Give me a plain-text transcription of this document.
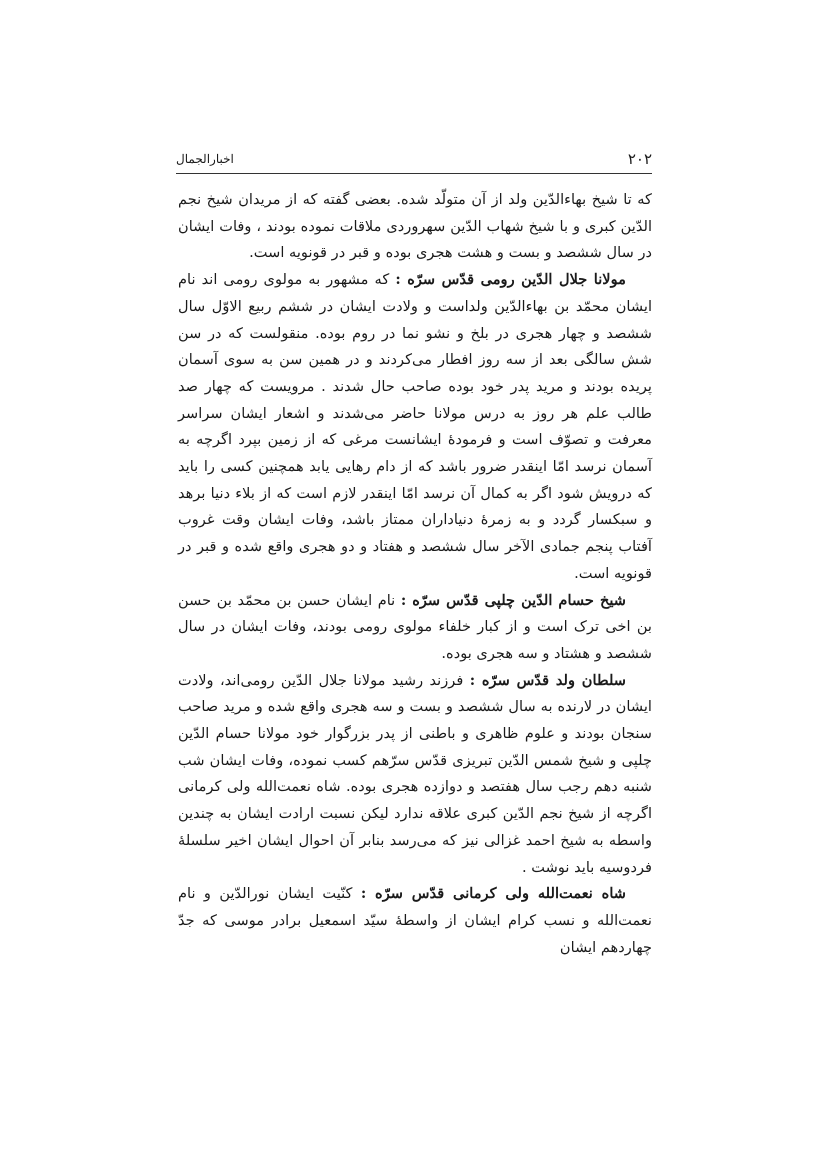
۲۰۲
اخبارالجمال

که تا شیخ بهاءالدّین ولد از آن متولّد شده. بعضی گفته که از مریدان شیخ نجم الدّین کبری و با شیخ شهاب الدّین سهروردی ملاقات نموده بودند ، وفات ایشان در سال ششصد و بست و هشت هجری بوده و قبر در قونویه است.

مولانا جلال الدّین رومی قدّس سرّه : که مشهور به مولوی رومی اند نام ایشان محمّد بن بهاءالدّین ولداست و ولادت ایشان در ششم ربیع الاوّل سال ششصد و چهار هجری در بلخ و نشو نما در روم بوده. منقولست که در سن شش سالگی بعد از سه روز افطار می‌کردند و در همین سن به سوی آسمان پریده بودند و مرید پدر خود بوده صاحب حال شدند . مرویست که چهار صد طالب علم هر روز به درس مولانا حاضر می‌شدند و اشعار ایشان سراسر معرفت و تصوّف است و فرمودهٔ ایشانست مرغی که از زمین بپرد اگرچه به آسمان نرسد امّا اینقدر ضرور باشد که از دام رهایی یابد همچنین کسی را باید که درویش شود اگر به کمال آن نرسد امّا اینقدر لازم است که از بلاء دنیا برهد و سبکسار گردد و به زمرهٔ دنیاداران ممتاز باشد، وفات ایشان وقت غروب آفتاب پنجم جمادی الآخر سال ششصد و هفتاد و دو هجری واقع شده و قبر در قونویه است.

شیخ حسام الدّین چلپی قدّس سرّه : نام ایشان حسن بن محمّد بن حسن بن اخی ترک است و از کبار خلفاء مولوی رومی بودند، وفات ایشان در سال ششصد و هشتاد و سه هجری بوده.

سلطان ولد قدّس سرّه : فرزند رشید مولانا جلال الدّین رومی‌اند، ولادت ایشان در لارنده به سال ششصد و بست و سه هجری واقع شده و مرید صاحب سنجان بودند و علوم ظاهری و باطنی از پدر بزرگوار خود مولانا حسام الدّین چلپی و شیخ شمس الدّین تبریزی قدّس سرّهم کسب نموده، وفات ایشان شب شنبه دهم رجب سال هفتصد و دوازده هجری بوده. شاه نعمت‌الله ولی کرمانی اگرچه از شیخ نجم الدّین کبری علاقه ندارد لیکن نسبت ارادت ایشان به چندین واسطه به شیخ احمد غزالی نیز که می‌رسد بنابر آن احوال ایشان اخیر سلسلهٔ فردوسیه باید نوشت .

شاه نعمت‌الله ولی کرمانی قدّس سرّه : کنّیت ایشان نورالدّین و نام نعمت‌الله و نسب کرام ایشان از واسطهٔ سیّد اسمعیل برادر موسی که جدّ چهاردهم ایشان
